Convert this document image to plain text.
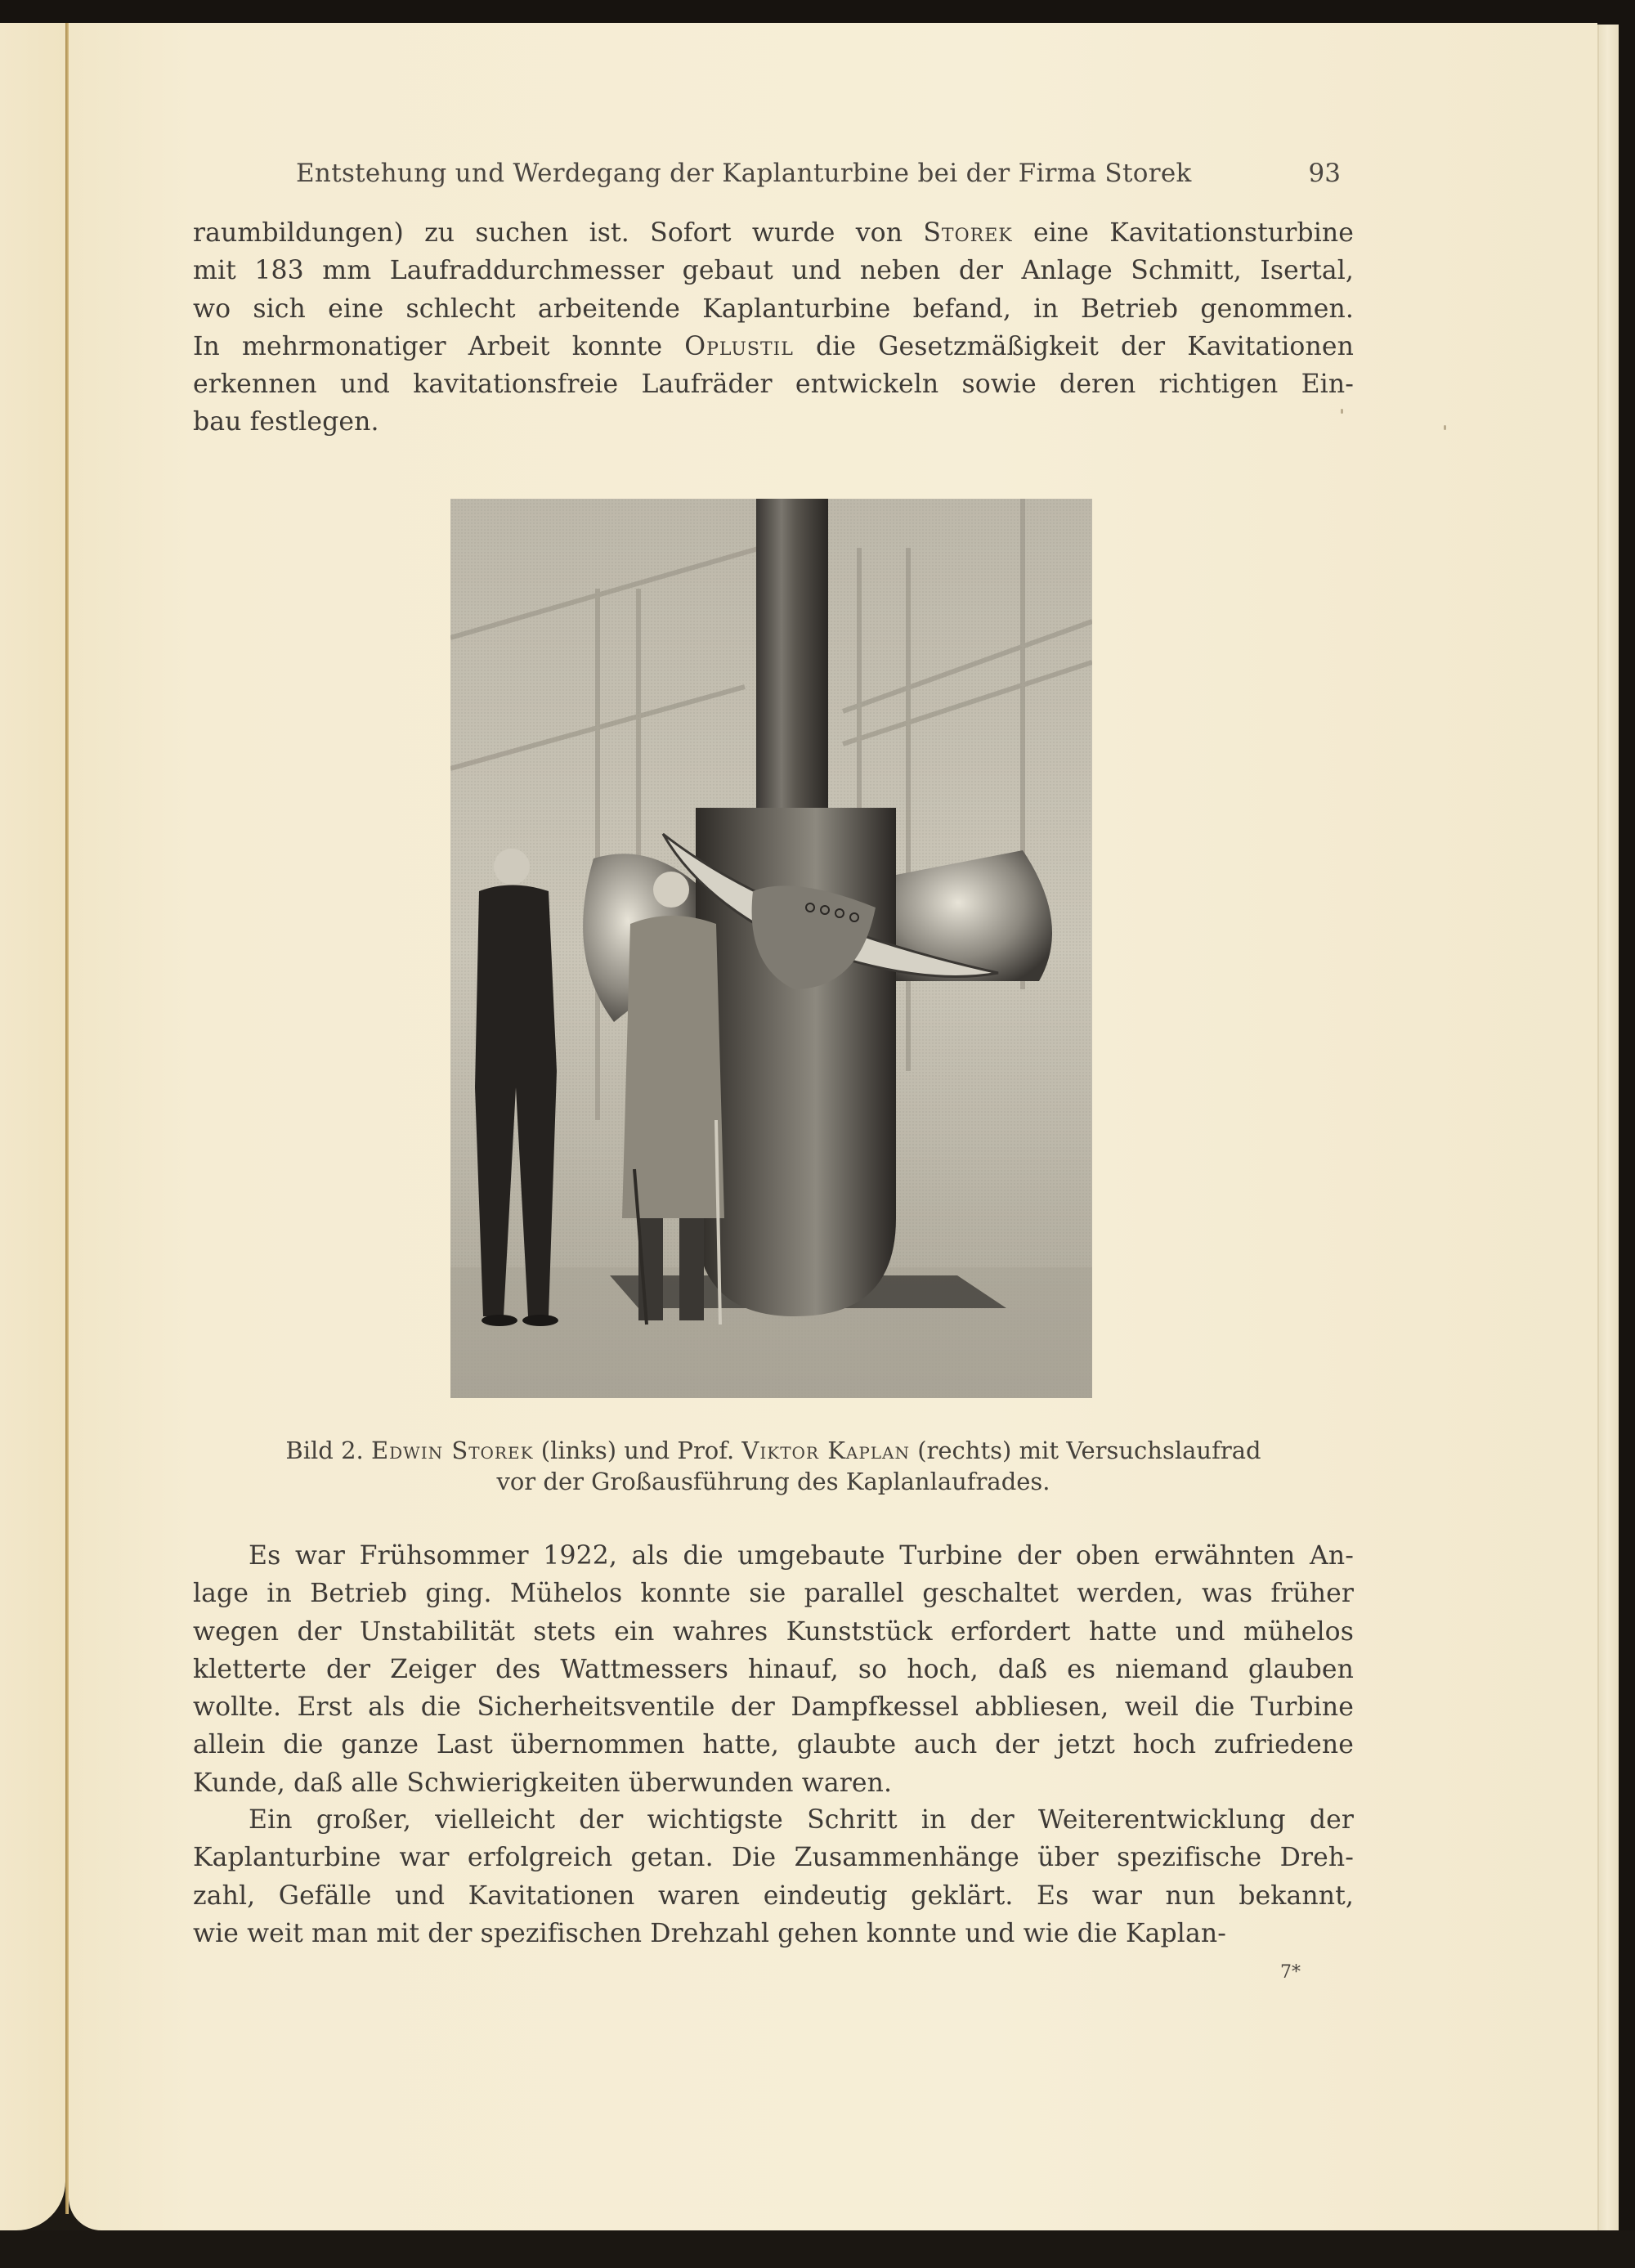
Entstehung und Werdegang der Kaplanturbine bei der Firma Storek	93
raumbildungen) zu suchen ist. Sofort wurde von Storek eine Kavitationsturbine
mit 183 mm Laufraddurchmesser gebaut und neben der Anlage Schmitt, Isertal,
wo sich eine schlecht arbeitende Kaplanturbine befand, in Betrieb genommen.
In mehrmonatiger Arbeit konnte Oplustil die Gesetzmäßigkeit der Kavitationen
erkennen und kavitationsfreie Laufräder entwickeln sowie deren richtigen Ein-
bau festlegen.
Bild 2. Edwin Storek (links) und Prof. Viktor Kaplan (rechts) mit Versuchslaufrad
vor der Großausführung des Kaplanlaufrades.
Es war Frühsommer 1922, als die umgebaute Turbine der oben erwähnten An-
lage in Betrieb ging. Mühelos konnte sie parallel geschaltet werden, was früher
wegen der Unstabilität stets ein wahres Kunststück erfordert hatte und mühelos
kletterte der Zeiger des Wattmessers hinauf, so hoch, daß es niemand glauben
wollte. Erst als die Sicherheitsventile der Dampfkessel abbliesen, weil die Turbine
allein die ganze Last übernommen hatte, glaubte auch der jetzt hoch zufriedene
Kunde, daß alle Schwierigkeiten überwunden waren.
Ein großer, vielleicht der wichtigste Schritt in der Weiterentwicklung der
Kaplanturbine war erfolgreich getan. Die Zusammenhänge über spezifische Dreh-
zahl, Gefälle und Kavitationen waren eindeutig geklärt. Es war nun bekannt,
wie weit man mit der spezifischen Drehzahl gehen konnte und wie die Kaplan-
7*
